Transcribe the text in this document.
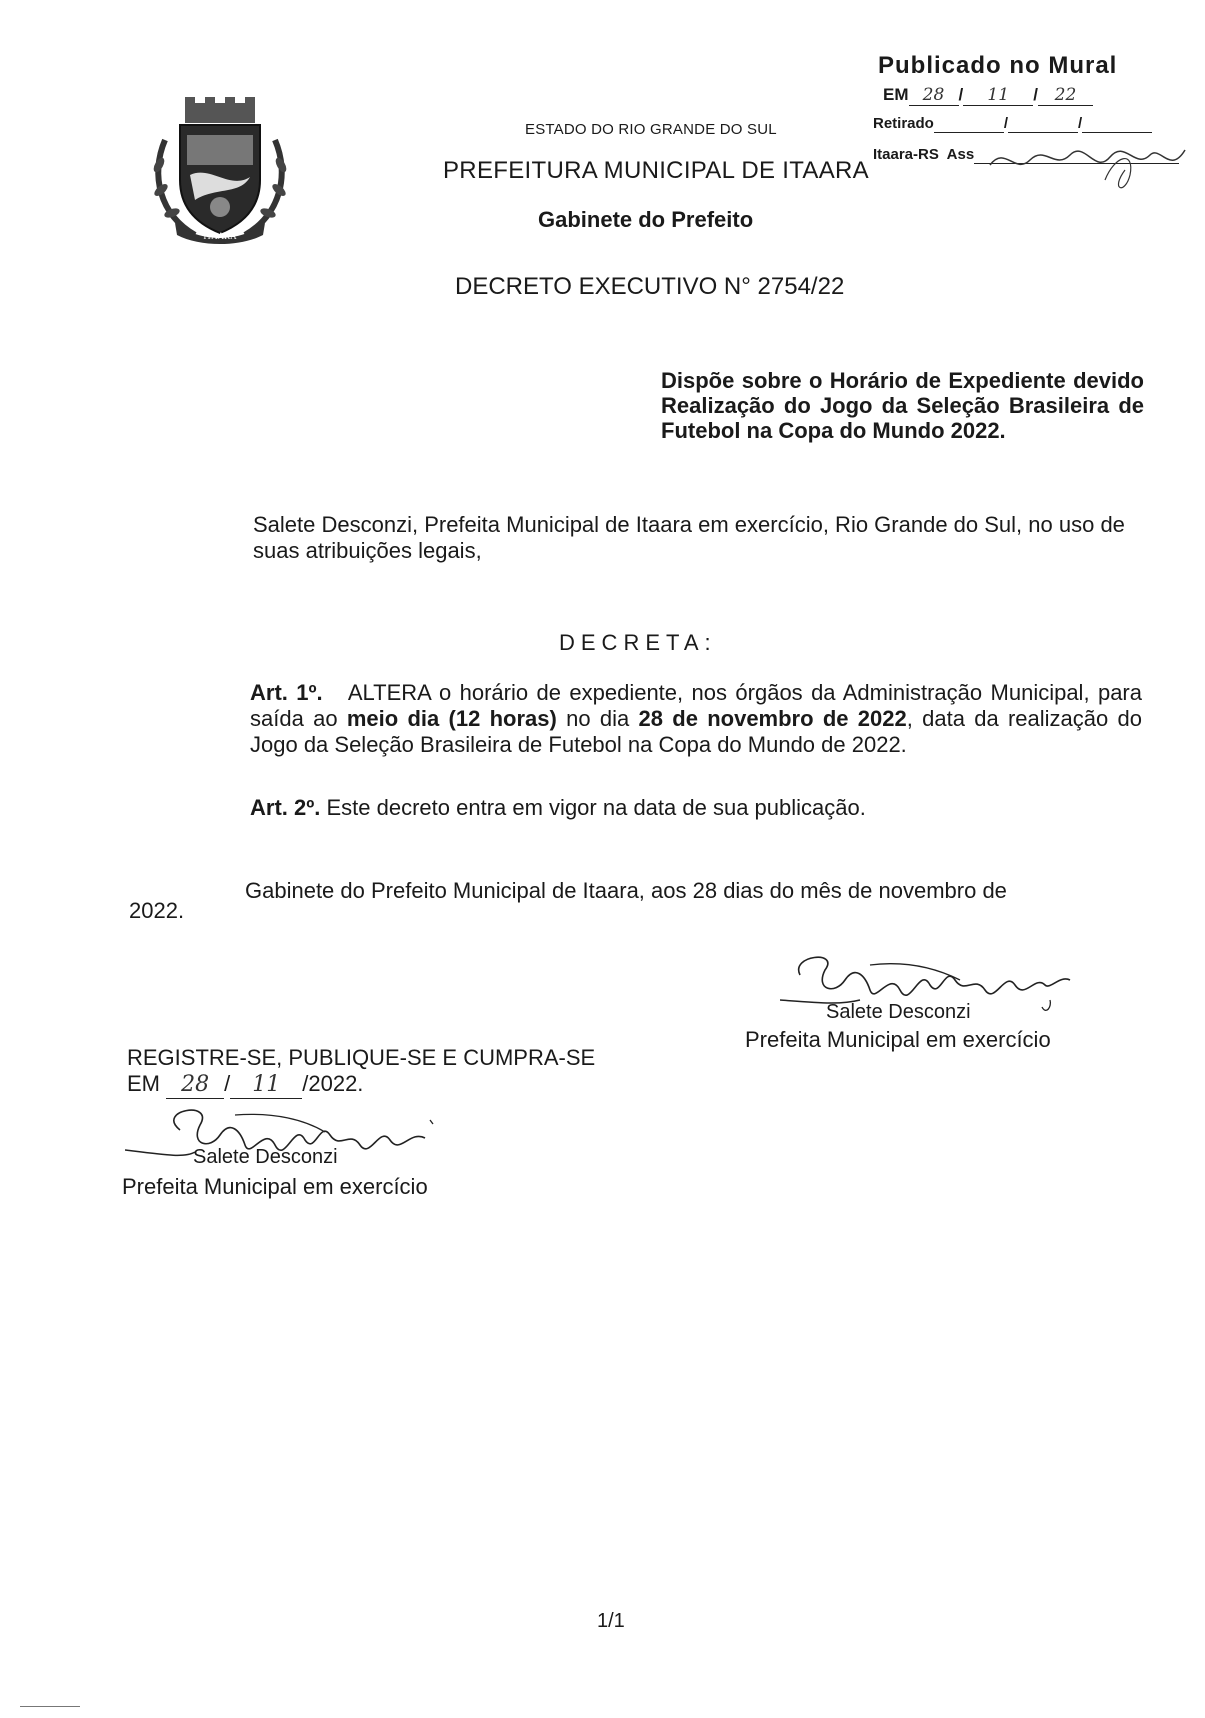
ITAARA
ESTADO DO RIO GRANDE DO SUL
PREFEITURA MUNICIPAL DE ITAARA
Gabinete do Prefeito
DECRETO EXECUTIVO N° 2754/22
Publicado no Mural
EM 28 / 11 / 22
Retirado	/	/
Itaara-RS Ass
Dispõe sobre o Horário de Expediente devido Realização do Jogo da Seleção Brasileira de Futebol na Copa do Mundo 2022.
Salete Desconzi, Prefeita Municipal de Itaara em exercício, Rio Grande do Sul, no uso de suas atribuições legais,
DECRETA:
Art. 1º. ALTERA o horário de expediente, nos órgãos da Administração Municipal, para saída ao meio dia (12 horas) no dia 28 de novembro de 2022, data da realização do Jogo da Seleção Brasileira de Futebol na Copa do Mundo de 2022.
Art. 2º. Este decreto entra em vigor na data de sua publicação.
Gabinete do Prefeito Municipal de Itaara, aos 28 dias do mês de novembro de
2022.
Salete Desconzi
Prefeita Municipal em exercício
REGISTRE-SE, PUBLIQUE-SE E CUMPRA-SE
EM 28 / 11 /2022.
Salete Desconzi
Prefeita Municipal em exercício
1/1
